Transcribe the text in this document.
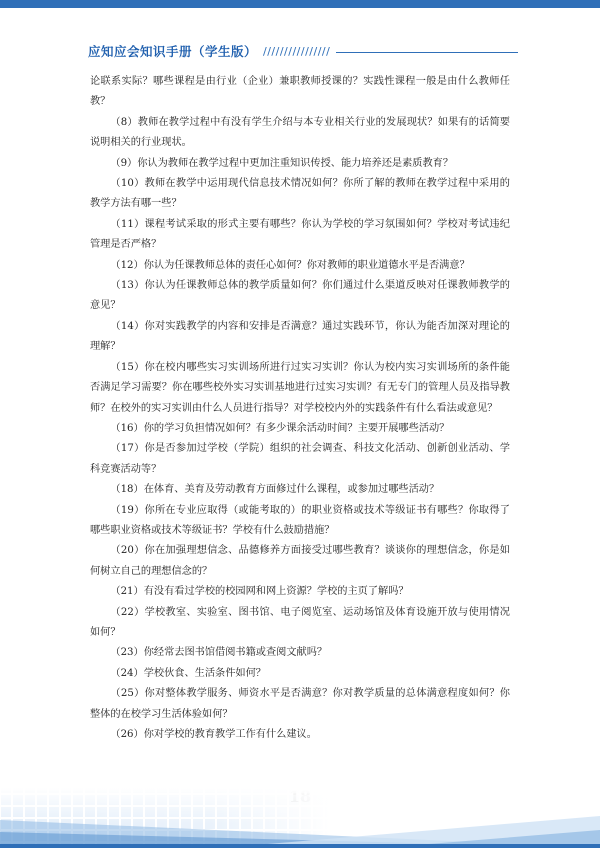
应知应会知识手册（学生版） ////////////////

论联系实际？哪些课程是由行业（企业）兼职教师授课的？实践性课程一般是由什么教师任教？

（8）教师在教学过程中有没有学生介绍与本专业相关行业的发展现状？如果有的话简要说明相关的行业现状。

（9）你认为教师在教学过程中更加注重知识传授、能力培养还是素质教育？

（10）教师在教学中运用现代信息技术情况如何？你所了解的教师在教学过程中采用的教学方法有哪一些？

（11）课程考试采取的形式主要有哪些？你认为学校的学习氛围如何？学校对考试违纪管理是否严格？

（12）你认为任课教师总体的责任心如何？你对教师的职业道德水平是否满意？

（13）你认为任课教师总体的教学质量如何？你们通过什么渠道反映对任课教师教学的意见？

（14）你对实践教学的内容和安排是否满意？通过实践环节，你认为能否加深对理论的理解？

（15）你在校内哪些实习实训场所进行过实习实训？你认为校内实习实训场所的条件能否满足学习需要？你在哪些校外实习实训基地进行过实习实训？有无专门的管理人员及指导教师？在校外的实习实训由什么人员进行指导？对学校校内外的实践条件有什么看法或意见？

（16）你的学习负担情况如何？有多少课余活动时间？主要开展哪些活动？

（17）你是否参加过学校（学院）组织的社会调查、科技文化活动、创新创业活动、学科竞赛活动等？

（18）在体育、美育及劳动教育方面修过什么课程，或参加过哪些活动？

（19）你所在专业应取得（或能考取的）的职业资格或技术等级证书有哪些？你取得了哪些职业资格或技术等级证书？学校有什么鼓励措施？

（20）你在加强理想信念、品德修养方面接受过哪些教育？谈谈你的理想信念，你是如何树立自己的理想信念的？

（21）有没有看过学校的校园网和网上资源？学校的主页了解吗？

（22）学校教室、实验室、图书馆、电子阅览室、运动场馆及体育设施开放与使用情况如何？

（23）你经常去图书馆借阅书籍或查阅文献吗？

（24）学校伙食、生活条件如何？

（25）你对整体教学服务、师资水平是否满意？你对教学质量的总体满意程度如何？你整体的在校学习生活体验如何？

（26）你对学校的教育教学工作有什么建议。
